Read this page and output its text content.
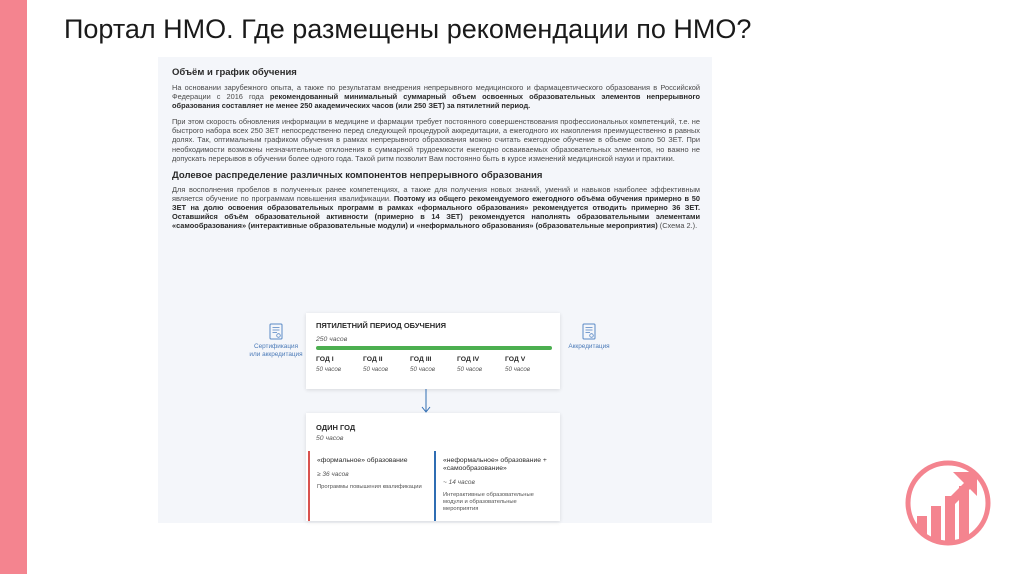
Портал НМО. Где размещены рекомендации по НМО?
Объём и график обучения

На основании зарубежного опыта, а также по результатам внедрения непрерывного медицинского и фармацевтического образования в Российской Федерации с 2016 года рекомендованный минимальный суммарный объем освоенных образовательных элементов непрерывного образования составляет не менее 250 академических часов (или 250 ЗЕТ) за пятилетний период.

При этом скорость обновления информации в медицине и фармации требует постоянного совершенствования профессиональных компетенций, т.е. не быстрого набора всех 250 ЗЕТ непосредственно перед следующей процедурой аккредитации, а ежегодного их накопления преимущественно в равных долях. Так, оптимальным графиком обучения в рамках непрерывного образования можно считать ежегодное обучение в объеме около 50 ЗЕТ. При необходимости возможны незначительные отклонения в суммарной трудоемкости ежегодно осваиваемых образовательных элементов, но важно не допускать перерывов в обучении более одного года. Такой ритм позволит Вам постоянно быть в курсе изменений медицинской науки и практики.

Долевое распределение различных компонентов непрерывного образования

Для восполнения пробелов в полученных ранее компетенциях, а также для получения новых знаний, умений и навыков наиболее эффективным является обучение по программам повышения квалификации. Поэтому из общего рекомендуемого ежегодного объёма обучения примерно в 50 ЗЕТ на долю освоения образовательных программ в рамках «формального образования» рекомендуется отводить примерно 36 ЗЕТ. Оставшийся объём образовательной активности (примерно в 14 ЗЕТ) рекомендуется наполнять образовательными элементами «самообразования» (интерактивные образовательные модули) и «неформального образования» (образовательные мероприятия) (Схема 2.).

Сертификация или аккредитация
Аккредитация
ПЯТИЛЕТНИЙ ПЕРИОД ОБУЧЕНИЯ
250 часов
ГОД I
50 часов
ГОД II
50 часов
ГОД III
50 часов
ГОД IV
50 часов
ГОД V
50 часов
ОДИН ГОД
50 часов
«формальное» образование
≥ 36 часов
Программы повышения квалификации
«неформальное» образование + «самообразование»
~ 14 часов
Интерактивные образовательные модули и образовательные мероприятия
